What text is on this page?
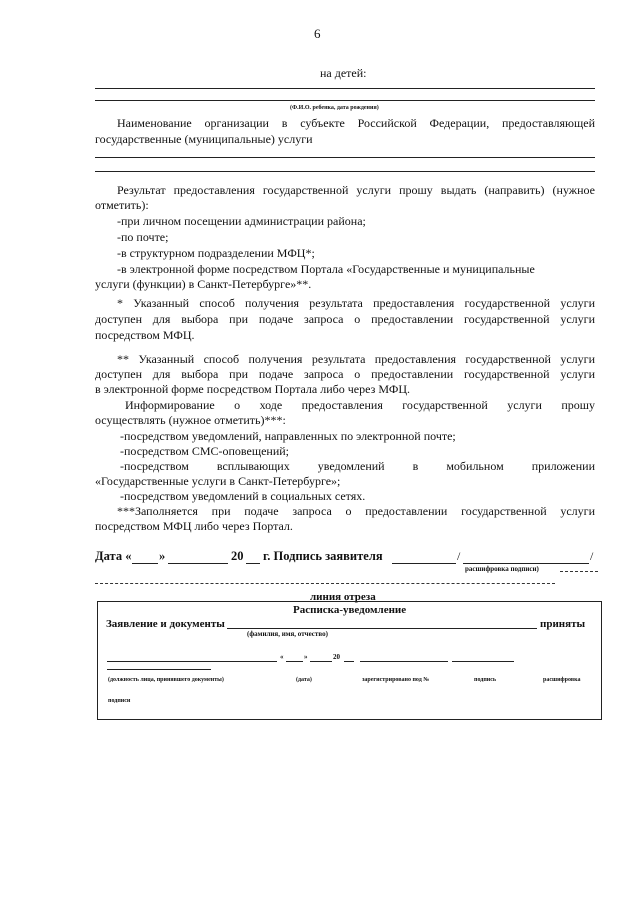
6
на детей:
(Ф.И.О. ребенка, дата рождения)
Наименование организации в субъекте Российской Федерации, предоставляющей
государственные (муниципальные) услуги
Результат предоставления государственной услуги прошу выдать (направить) (нужное
отметить):
-при личном посещении администрации района;
-по почте;
-в структурном подразделении МФЦ*;
-в электронной форме посредством Портала «Государственные и муниципальные
услуги (функции) в Санкт-Петербурге»**.
* Указанный способ получения результата предоставления государственной услуги
доступен для выбора при подаче запроса о предоставлении государственной услуги
посредством МФЦ.
** Указанный способ получения результата предоставления государственной услуги
доступен для выбора при подаче запроса о предоставлении государственной услуги
в электронной форме посредством Портала либо через МФЦ.
Информирование о ходе предоставления государственной услуги прошу
осуществлять (нужное отметить)***:
-посредством уведомлений, направленных по электронной почте;
-посредством СМС-оповещений;
-посредством всплывающих уведомлений в мобильном приложении
«Государственные услуги в Санкт-Петербурге»;
-посредством уведомлений в социальных сетях.
***Заполняется при подаче запроса о предоставлении государственной услуги
посредством МФЦ либо через Портал.
Дата « »	20 г. Подпись заявителя	/	/
расшифровка подписи)
линия отреза
Расписка-уведомление
Заявление и документы	приняты
(фамилия, имя, отчество)
«	»	20
(должность лица, принявшего документы)	(дата)	зарегистрировано под №	подпись	расшифровка
подписи
